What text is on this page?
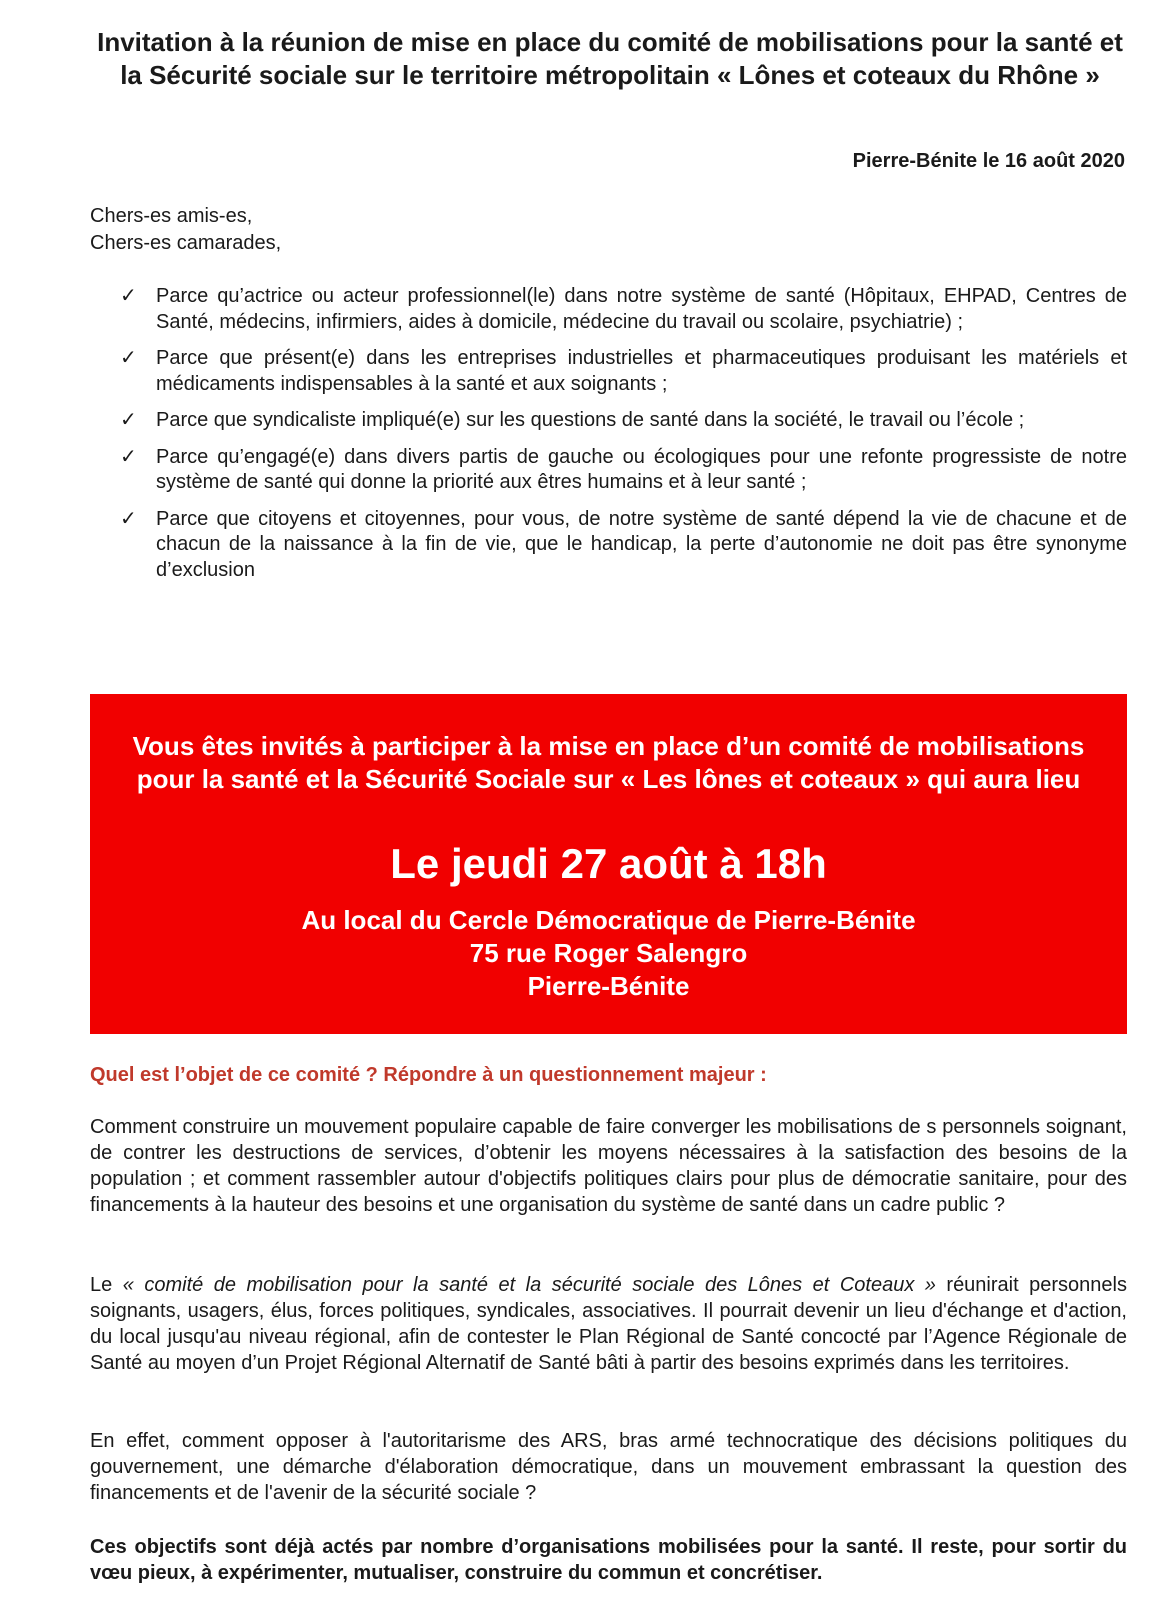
Invitation à la réunion de mise en place du comité de mobilisations pour la santé et la Sécurité sociale sur le territoire métropolitain « Lônes et coteaux du Rhône »
Pierre-Bénite le 16 août 2020
Chers-es amis-es,
Chers-es camarades,
✓ Parce qu’actrice ou acteur professionnel(le) dans notre système de santé (Hôpitaux, EHPAD, Centres de Santé, médecins, infirmiers, aides à domicile, médecine du travail ou scolaire, psychiatrie) ;
✓ Parce que présent(e) dans les entreprises industrielles et pharmaceutiques produisant les matériels et médicaments indispensables à la santé et aux soignants ;
✓ Parce que syndicaliste impliqué(e) sur les questions de santé dans la société, le travail ou l’école ;
✓ Parce qu’engagé(e) dans divers partis de gauche ou écologiques pour une refonte progressiste de notre système de santé qui donne la priorité aux êtres humains et à leur santé ;
✓ Parce que citoyens et citoyennes, pour vous, de notre système de santé dépend la vie de chacune et de chacun de la naissance à la fin de vie, que le handicap, la perte d’autonomie ne doit pas être synonyme d’exclusion
Vous êtes invités à participer à la mise en place d’un comité de mobilisations pour la santé et la Sécurité Sociale sur « Les lônes et coteaux » qui aura lieu
Le jeudi 27 août à 18h
Au local du Cercle Démocratique de Pierre-Bénite
75 rue Roger Salengro
Pierre-Bénite
Quel est l’objet de ce comité ? Répondre à un questionnement majeur :

Comment construire un mouvement populaire capable de faire converger les mobilisations de s personnels soignant, de contrer les destructions de services, d’obtenir les moyens nécessaires à la satisfaction des besoins de la population ; et comment rassembler autour d'objectifs politiques clairs pour plus de démocratie sanitaire, pour des financements à la hauteur des besoins et une organisation du système de santé dans un cadre public ?

Le « comité de mobilisation pour la santé et la sécurité sociale des Lônes et Coteaux » réunirait personnels soignants, usagers, élus, forces politiques, syndicales, associatives. Il pourrait devenir un lieu d'échange et d'action, du local jusqu'au niveau régional, afin de contester le Plan Régional de Santé concocté par l’Agence Régionale de Santé au moyen d’un Projet Régional Alternatif de Santé bâti à partir des besoins exprimés dans les territoires.

En effet, comment opposer à l'autoritarisme des ARS, bras armé technocratique des décisions politiques du gouvernement, une démarche d'élaboration démocratique, dans un mouvement embrassant la question des financements et de l'avenir de la sécurité sociale ?

Ces objectifs sont déjà actés par nombre d’organisations mobilisées pour la santé. Il reste, pour sortir du vœu pieux, à expérimenter, mutualiser, construire du commun et concrétiser.
